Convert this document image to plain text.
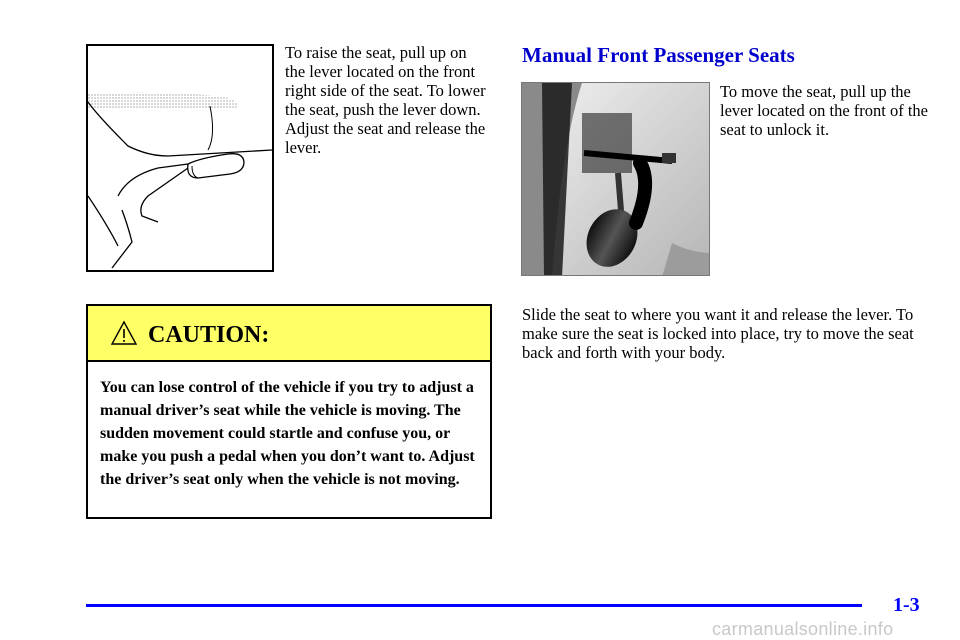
To raise the seat, pull up on the lever located on the front right side of the seat. To lower the seat, push the lever down. Adjust the seat and release the lever.

CAUTION:

You can lose control of the vehicle if you try to adjust a manual driver’s seat while the vehicle is moving. The sudden movement could startle and confuse you, or make you push a pedal when you don’t want to. Adjust the driver’s seat only when the vehicle is not moving.

Manual Front Passenger Seats

To move the seat, pull up the lever located on the front of the seat to unlock it.

Slide the seat to where you want it and release the lever. To make sure the seat is locked into place, try to move the seat back and forth with your body.

1-3
carmanualsonline.info
